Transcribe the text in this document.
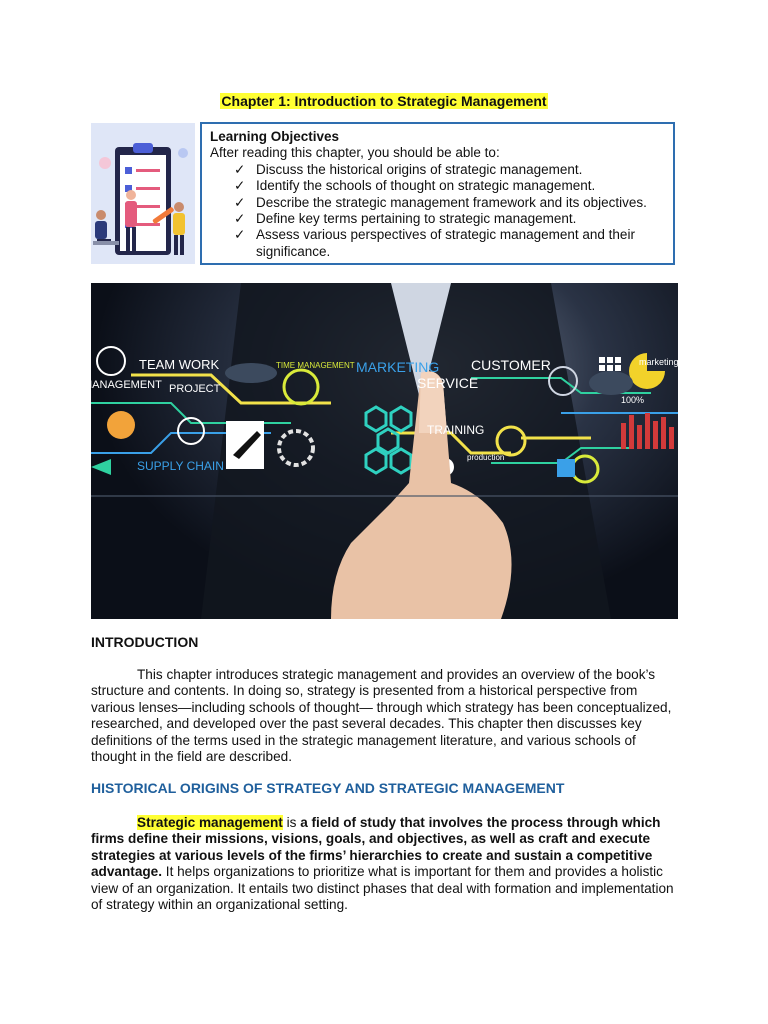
Chapter 1: Introduction to Strategic Management
Learning Objectives
After reading this chapter, you should be able to:
✓ Discuss the historical origins of strategic management.
✓ Identify the schools of thought on strategic management.
✓ Describe the strategic management framework and its objectives.
✓ Define key terms pertaining to strategic management.
✓ Assess various perspectives of strategic management and their significance.
TEAM WORK
MANAGEMENT PROJECT
TIME MANAGEMENT MARKETING CUSTOMER
SERVICE
TRAINING
SUPPLY CHAIN
production
marketing
100%
INTRODUCTION
This chapter introduces strategic management and provides an overview of the book’s structure and contents. In doing so, strategy is presented from a historical perspective from various lenses—including schools of thought— through which strategy has been conceptualized, researched, and developed over the past several decades. This chapter then discusses key definitions of the terms used in the strategic management literature, and various schools of thought in the field are described.
HISTORICAL ORIGINS OF STRATEGY AND STRATEGIC MANAGEMENT
Strategic management is a field of study that involves the process through which firms define their missions, visions, goals, and objectives, as well as craft and execute strategies at various levels of the firms’ hierarchies to create and sustain a competitive advantage. It helps organizations to prioritize what is important for them and provides a holistic view of an organization. It entails two distinct phases that deal with formation and implementation of strategy within an organizational setting.
